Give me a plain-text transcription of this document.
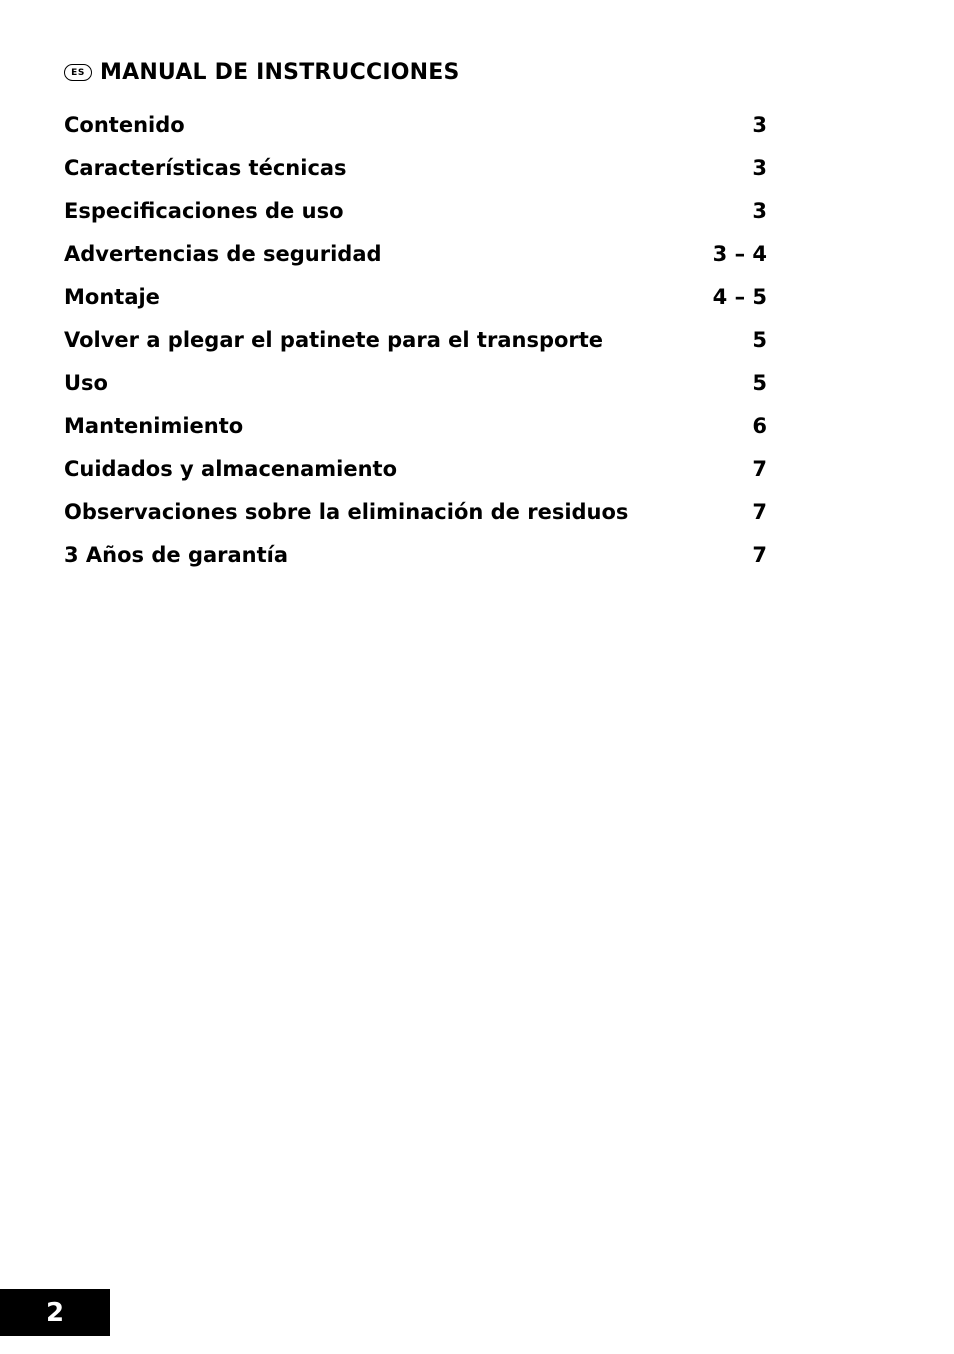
ES MANUAL DE INSTRUCCIONES
Contenido	3
Características técnicas	3
Especificaciones de uso	3
Advertencias de seguridad	3 – 4
Montaje	4 – 5
Volver a plegar el patinete para el transporte	5
Uso	5
Mantenimiento	6
Cuidados y almacenamiento	7
Observaciones sobre la eliminación de residuos	7
3 Años de garantía	7
2
